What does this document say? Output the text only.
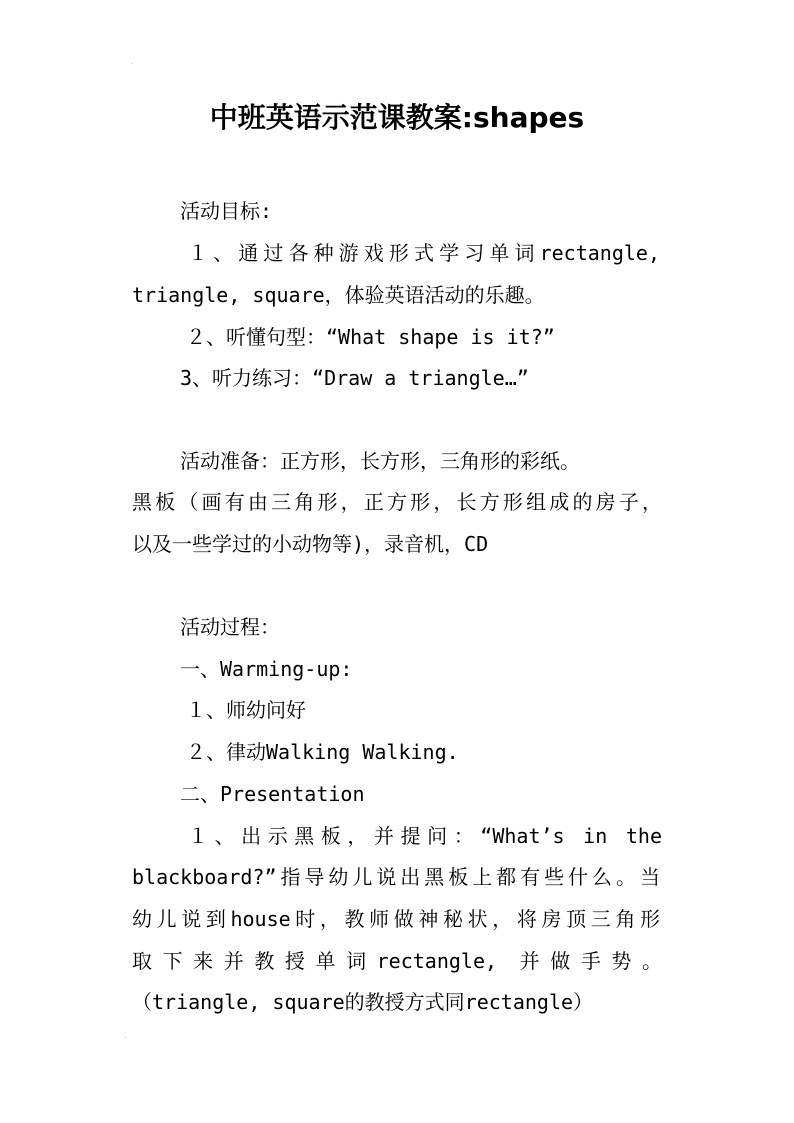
·
中班英语示范课教案:shapes
活动目标:
１、通过各种游戏形式学习单词rectangle,
triangle, square，体验英语活动的乐趣。
２、听懂句型：“What shape is it?”
3、听力练习：“Draw a triangle…”
活动准备：正方形，长方形，三角形的彩纸。
黑板（画有由三角形，正方形，长方形组成的房子，
以及一些学过的小动物等)，录音机，CD
活动过程：
一、Warming-up:
１、师幼问好
２、律动Walking Walking.
二、Presentation
１、出示黑板，并提问：“What’s in the
blackboard?”指导幼儿说出黑板上都有些什么。当
幼儿说到house时，教师做神秘状，将房顶三角形
取下来并教授单词rectangle, 并做手势。
（triangle, square的教授方式同rectangle）
·
